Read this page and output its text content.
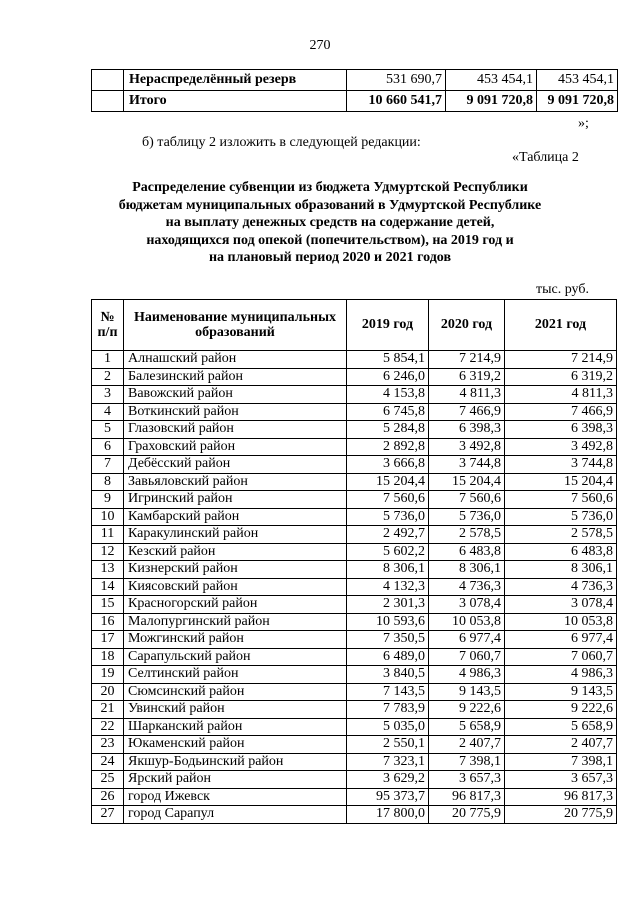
270
	Нераспределённый резерв	531 690,7	453 454,1	453 454,1
	Итого	10 660 541,7	9 091 720,8	9 091 720,8
»;
б) таблицу 2 изложить в следующей редакции:
«Таблица 2
Распределение субвенции из бюджета Удмуртской Республики
бюджетам муниципальных образований в Удмуртской Республике
на выплату денежных средств на содержание детей,
находящихся под опекой (попечительством), на 2019 год и
на плановый период 2020 и 2021 годов
тыс. руб.
№ п/п	Наименование муниципальных образований	2019 год	2020 год	2021 год
1	Алнашский район	5 854,1	7 214,9	7 214,9
2	Балезинский район	6 246,0	6 319,2	6 319,2
3	Вавожский район	4 153,8	4 811,3	4 811,3
4	Воткинский район	6 745,8	7 466,9	7 466,9
5	Глазовский район	5 284,8	6 398,3	6 398,3
6	Граховский район	2 892,8	3 492,8	3 492,8
7	Дебёсский район	3 666,8	3 744,8	3 744,8
8	Завьяловский район	15 204,4	15 204,4	15 204,4
9	Игринский район	7 560,6	7 560,6	7 560,6
10	Камбарский район	5 736,0	5 736,0	5 736,0
11	Каракулинский район	2 492,7	2 578,5	2 578,5
12	Кезский район	5 602,2	6 483,8	6 483,8
13	Кизнерский район	8 306,1	8 306,1	8 306,1
14	Киясовский район	4 132,3	4 736,3	4 736,3
15	Красногорский район	2 301,3	3 078,4	3 078,4
16	Малопургинский район	10 593,6	10 053,8	10 053,8
17	Можгинский район	7 350,5	6 977,4	6 977,4
18	Сарапульский район	6 489,0	7 060,7	7 060,7
19	Селтинский район	3 840,5	4 986,3	4 986,3
20	Сюмсинский район	7 143,5	9 143,5	9 143,5
21	Увинский район	7 783,9	9 222,6	9 222,6
22	Шарканский район	5 035,0	5 658,9	5 658,9
23	Юкаменский район	2 550,1	2 407,7	2 407,7
24	Якшур-Бодьинский район	7 323,1	7 398,1	7 398,1
25	Ярский район	3 629,2	3 657,3	3 657,3
26	город Ижевск	95 373,7	96 817,3	96 817,3
27	город Сарапул	17 800,0	20 775,9	20 775,9
